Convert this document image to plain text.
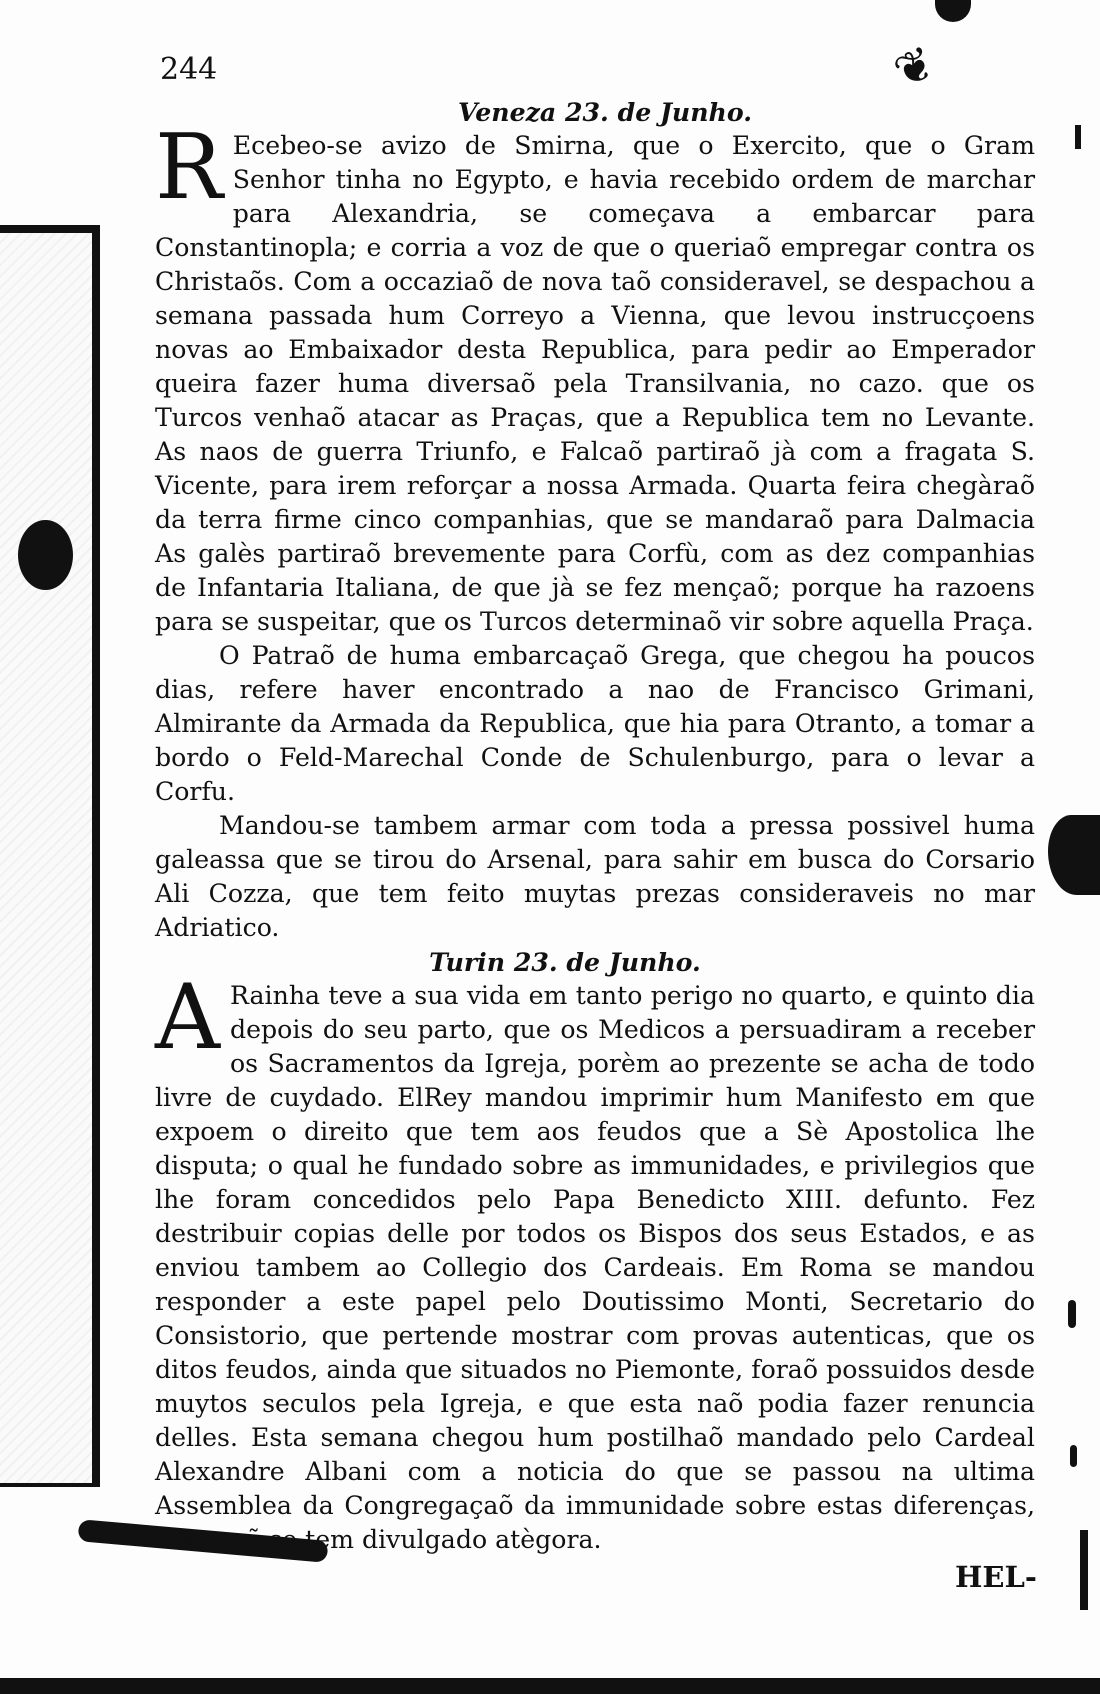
❦
244

Veneza 23. de Junho.

R Ecebeo-se avizo de Smirna, que o Exercito, que o Gram Senhor tinha no Egypto, e havia recebido ordem de marchar para Alexandria, se começava a embarcar para Constantinopla; e corria a voz de que o queriaõ empregar contra os Christaõs. Com a occaziaõ de nova taõ consideravel, se despachou a semana passada hum Correyo a Vienna, que levou instrucçoens novas ao Embaixador desta Republica, para pedir ao Emperador queira fazer huma diversaõ pela Transilvania, no cazo. que os Turcos venhaõ atacar as Praças, que a Republica tem no Levante. As naos de guerra Triunfo, e Falcaõ partiraõ jà com a fragata S. Vicente, para irem reforçar a nossa Armada. Quarta feira chegàraõ da terra firme cinco companhias, que se mandaraõ para Dalmacia As galès partiraõ brevemente para Corfù, com as dez companhias de Infantaria Italiana, de que jà se fez mençaõ; porque ha razoens para se suspeitar, que os Turcos determinaõ vir sobre aquella Praça.

O Patraõ de huma embarcaçaõ Grega, que chegou ha poucos dias, refere haver encontrado a nao de Francisco Grimani, Almirante da Armada da Republica, que hia para Otranto, a tomar a bordo o Feld-Marechal Conde de Schulenburgo, para o levar a Corfu.

Mandou-se tambem armar com toda a pressa possivel huma galeassa que se tirou do Arsenal, para sahir em busca do Corsario Ali Cozza, que tem feito muytas prezas consideraveis no mar Adriatico.

Turin 23. de Junho.

A Rainha teve a sua vida em tanto perigo no quarto, e quinto dia depois do seu parto, que os Medicos a persuadiram a receber os Sacramentos da Igreja, porèm ao prezente se acha de todo livre de cuydado. ElRey mandou imprimir hum Manifesto em que expoem o direito que tem aos feudos que a Sè Apostolica lhe disputa; o qual he fundado sobre as immunidades, e privilegios que lhe foram concedidos pelo Papa Benedicto XIII. defunto. Fez destribuir copias delle por todos os Bispos dos seus Estados, e as enviou tambem ao Collegio dos Cardeais. Em Roma se mandou responder a este papel pelo Doutissimo Monti, Secretario do Consistorio, que pertende mostrar com provas autenticas, que os ditos feudos, ainda que situados no Piemonte, foraõ possuidos desde muytos seculos pela Igreja, e que esta naõ podia fazer renuncia delles. Esta semana chegou hum postilhaõ mandado pelo Cardeal Alexandre Albani com a noticia do que se passou na ultima Assemblea da Congregaçaõ da immunidade sobre estas diferenças, mas naõ se tem divulgado atègora.

HEL-
